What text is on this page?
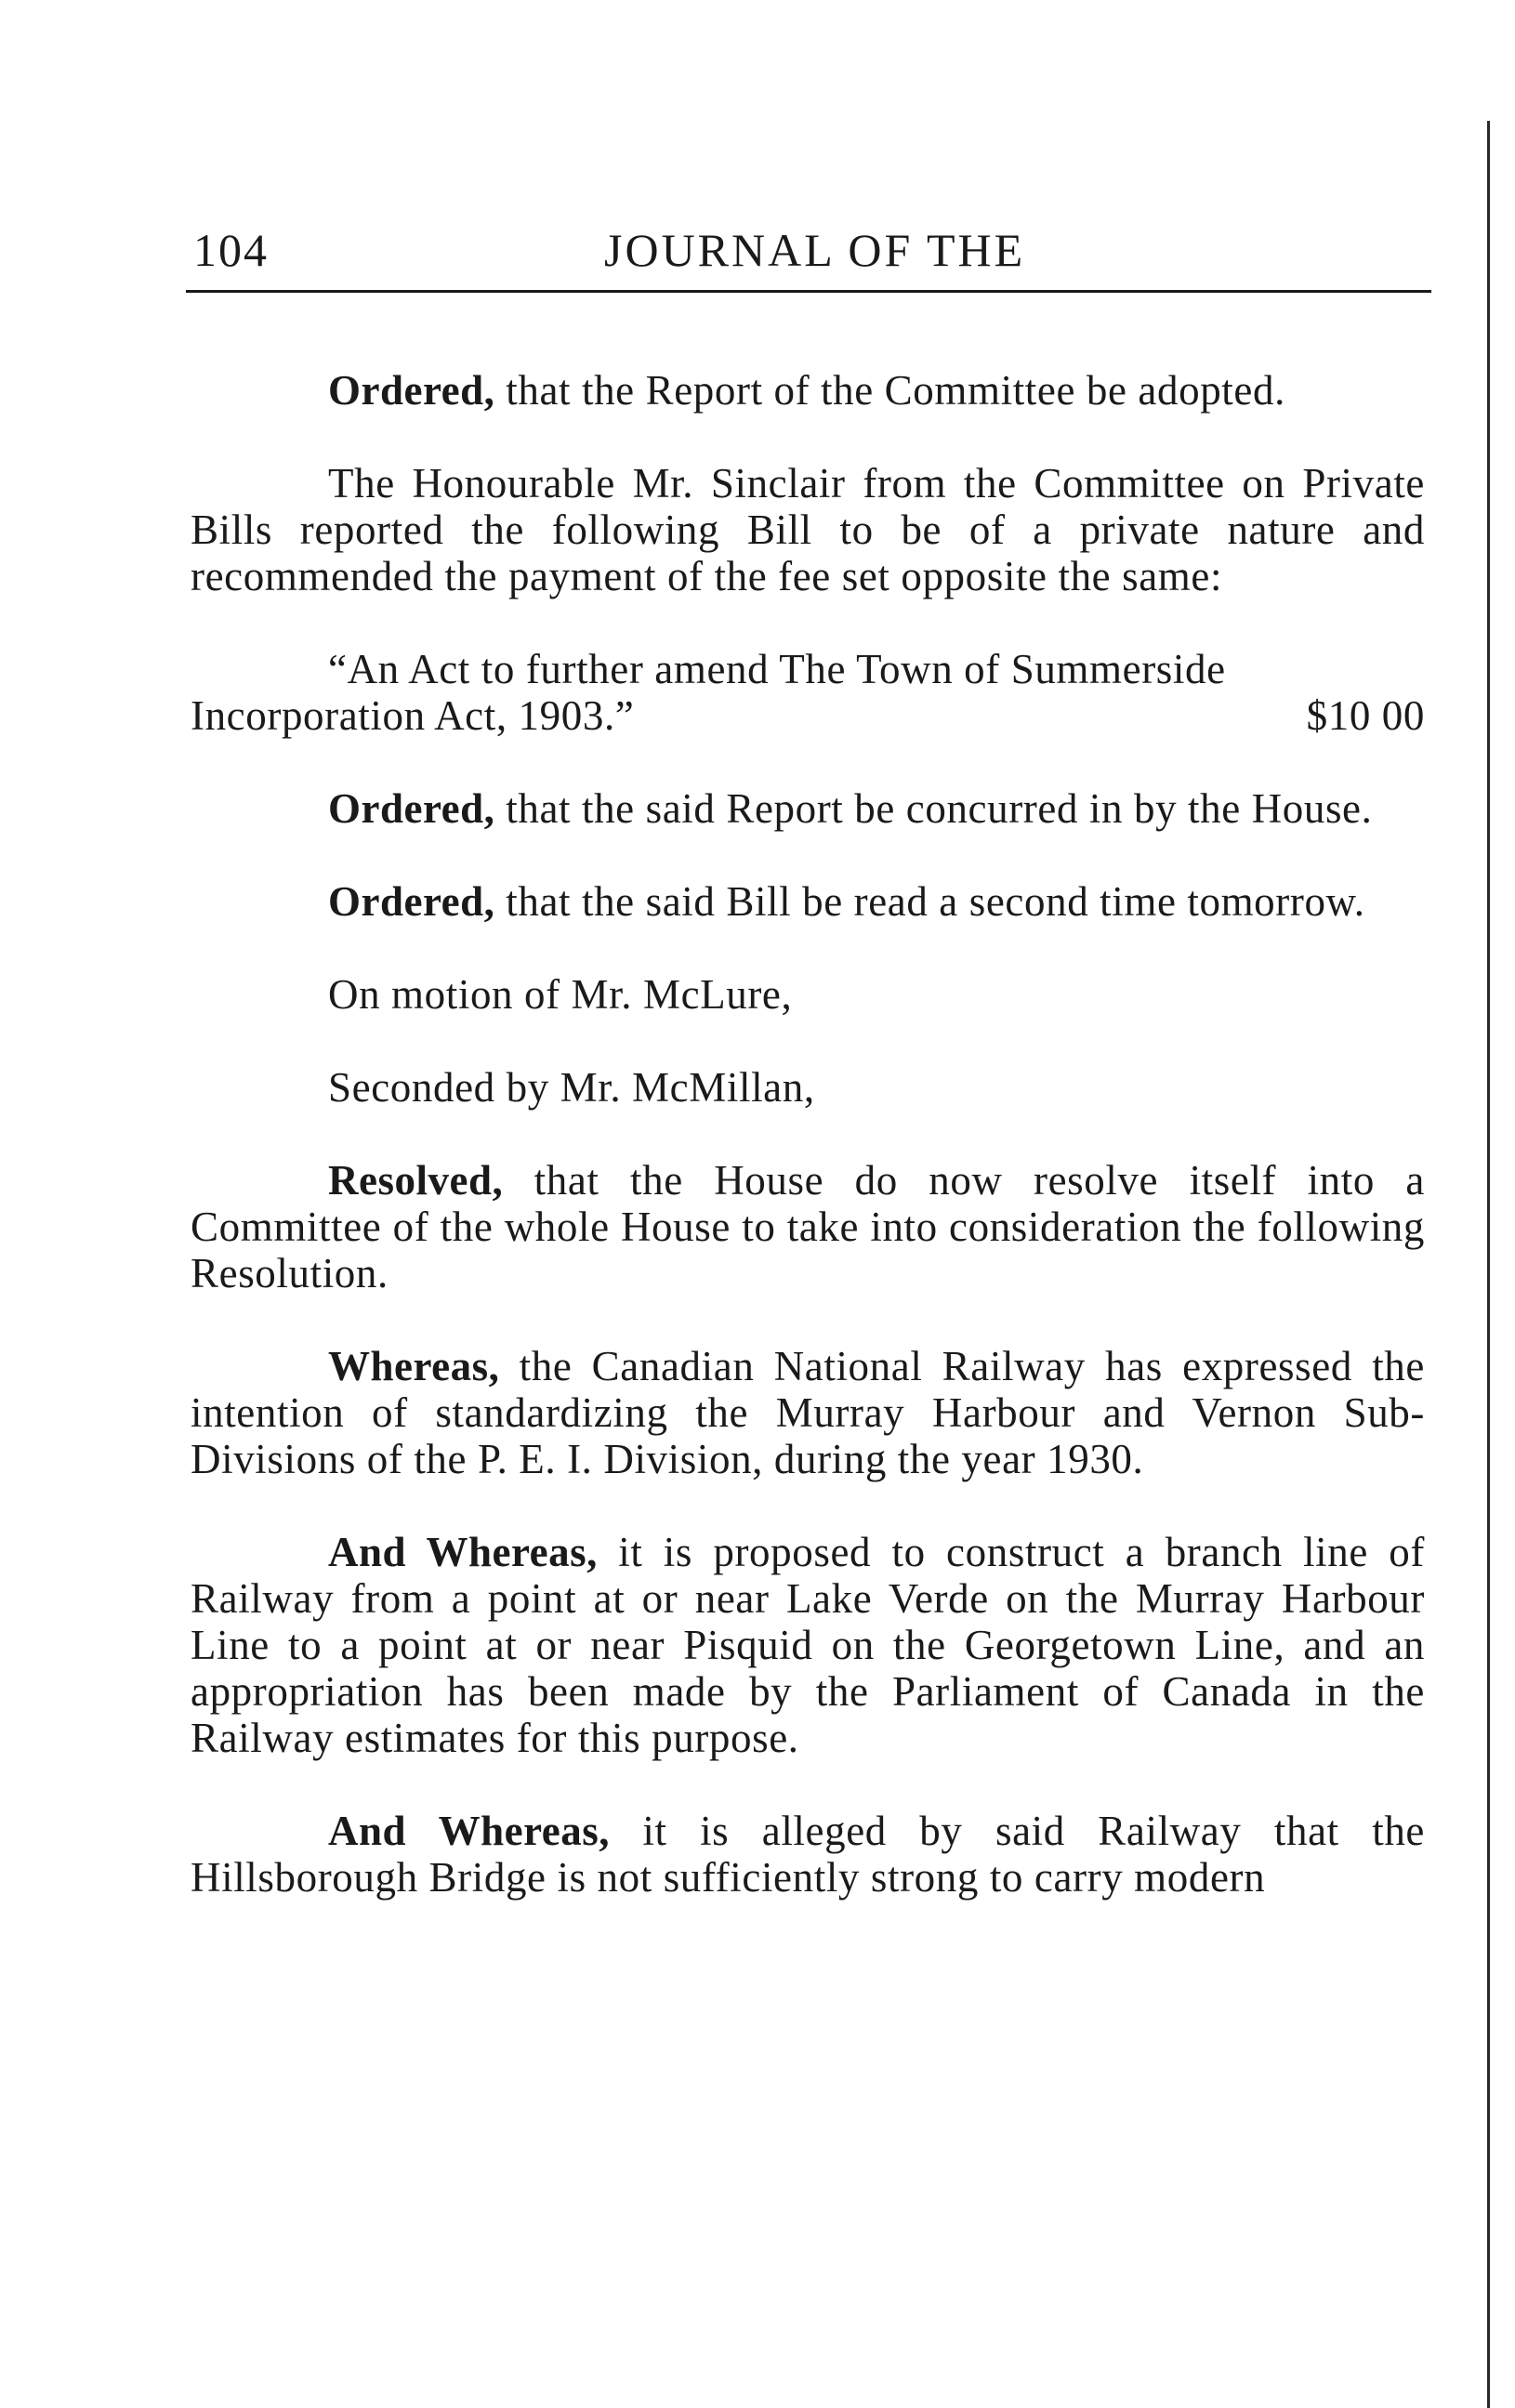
104	JOURNAL OF THE

Ordered, that the Report of the Committee be adopted.

The Honourable Mr. Sinclair from the Committee on Private Bills reported the following Bill to be of a private nature and recommended the payment of the fee set opposite the same:

“An Act to further amend The Town of Summerside

Incorporation Act, 1903.”	$10 00

Ordered, that the said Report be concurred in by the House.

Ordered, that the said Bill be read a second time tomorrow.

On motion of Mr. McLure,

Seconded by Mr. McMillan,

Resolved, that the House do now resolve itself into a Committee of the whole House to take into consideration the following Resolution.

Whereas, the Canadian National Railway has expressed the intention of standardizing the Murray Harbour and Vernon Sub-Divisions of the P. E. I. Division, during the year 1930.

And Whereas, it is proposed to construct a branch line of Railway from a point at or near Lake Verde on the Murray Harbour Line to a point at or near Pisquid on the Georgetown Line, and an appropriation has been made by the Parliament of Canada in the Railway estimates for this purpose.

And Whereas, it is alleged by said Railway that the Hillsborough Bridge is not sufficiently strong to carry modern
